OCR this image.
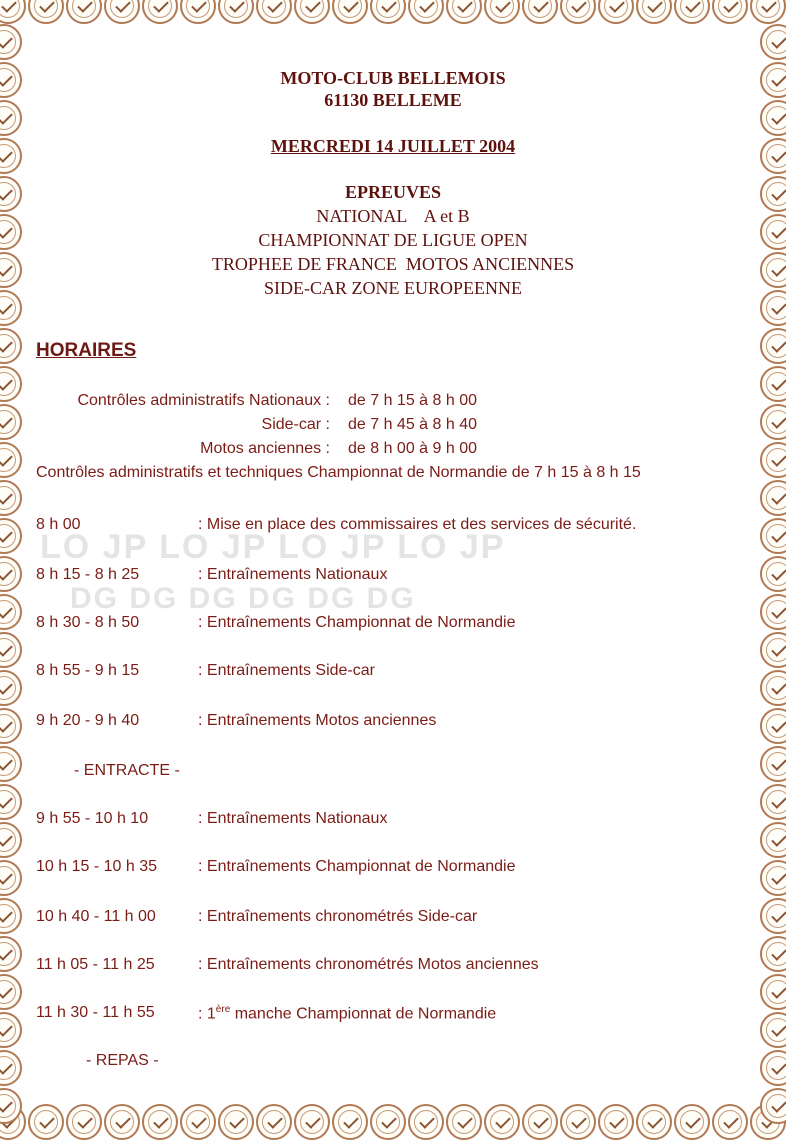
LO JP LO JP LO JP LO JP
DG DG DG DG DG DG
MOTO-CLUB BELLEMOIS
61130 BELLEME
MERCREDI 14 JUILLET 2004
EPREUVES
NATIONAL    A et B
CHAMPIONNAT DE LIGUE OPEN
TROPHEE DE FRANCE  MOTOS ANCIENNES
SIDE-CAR ZONE EUROPEENNE
HORAIRES
Contrôles administratifs Nationaux : de 7 h 15 à 8 h 00
Side-car : de 7 h 45 à 8 h 40
Motos anciennes : de 8 h 00 à 9 h 00
Contrôles administratifs et techniques Championnat de Normandie de 7 h 15 à 8 h 15
8 h 00	: Mise en place des commissaires et des services de sécurité.
8 h 15 - 8 h 25	: Entraînements Nationaux
8 h 30 - 8 h 50	: Entraînements Championnat de Normandie
8 h 55 - 9 h 15	: Entraînements Side-car
9 h 20 - 9 h 40	: Entraînements Motos anciennes
- ENTRACTE -
9 h 55 - 10 h 10	: Entraînements Nationaux
10 h 15 - 10 h 35	: Entraînements Championnat de Normandie
10 h 40 - 11 h 00	: Entraînements chronométrés Side-car
11 h 05 - 11 h 25	: Entraînements chronométrés Motos anciennes
11 h 30 - 11 h 55	: 1ère manche Championnat de Normandie
- REPAS -
